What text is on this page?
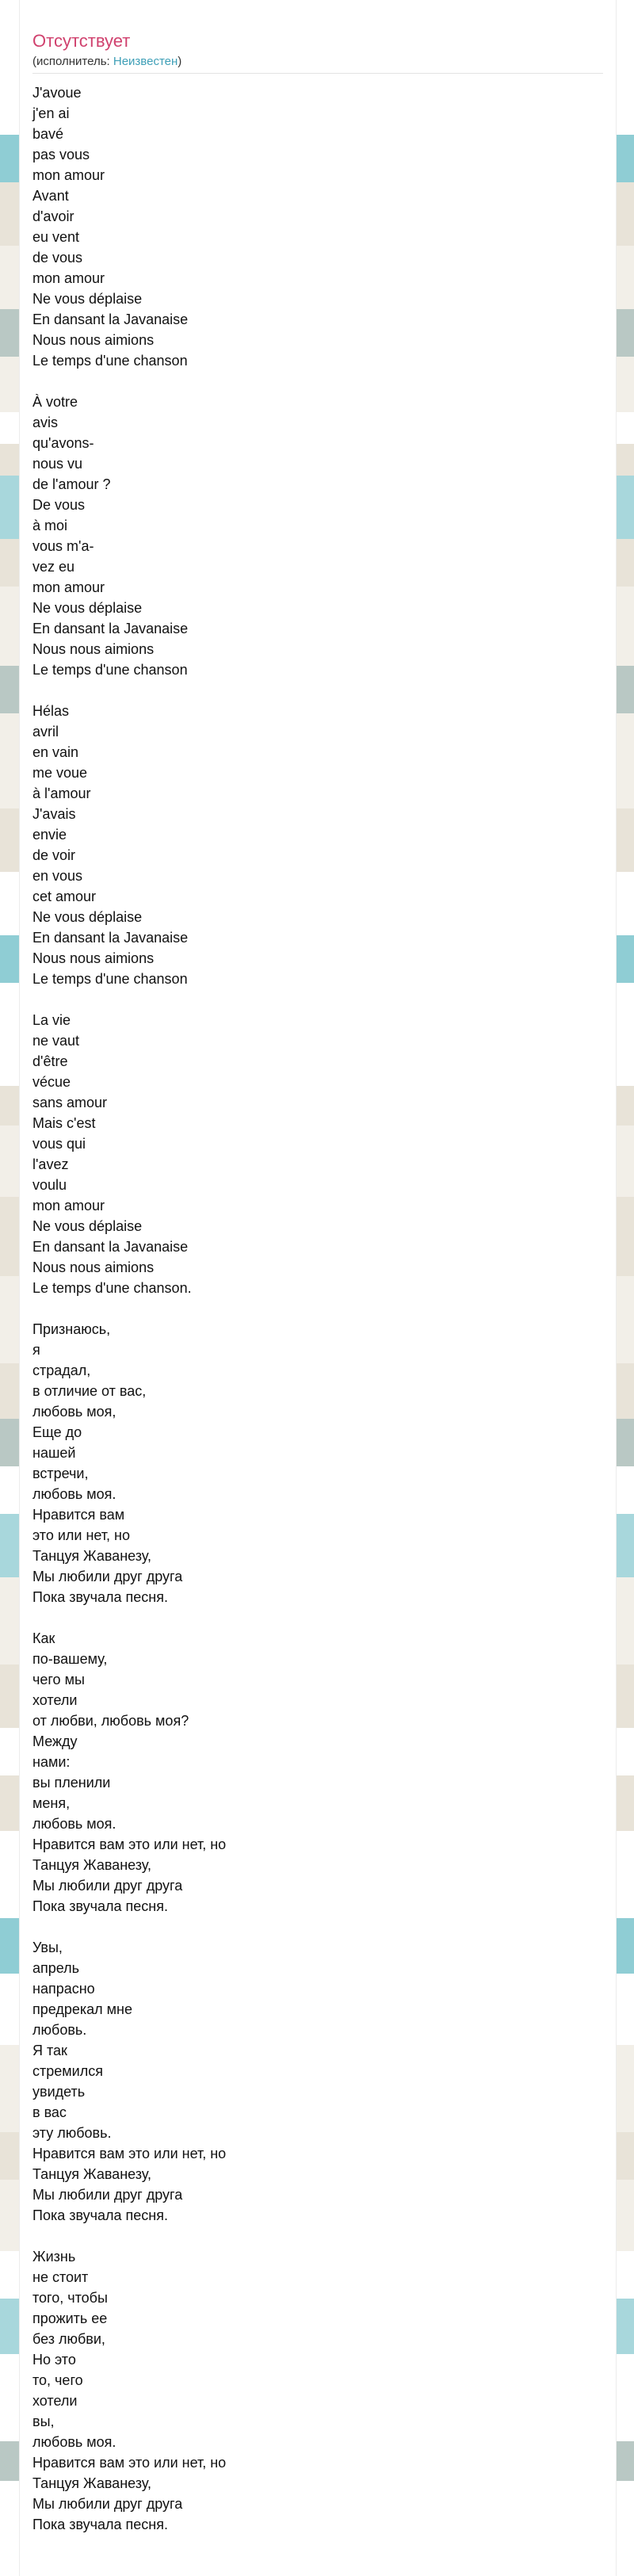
Отсутствует
(исполнитель: Неизвестен)
J'avoue
j'en ai
bavé
pas vous
mon amour
Avant
d'avoir
eu vent
de vous
mon amour
Ne vous déplaise
En dansant la Javanaise
Nous nous aimions
Le temps d'une chanson
À votre
avis
qu'avons-
nous vu
de l'amour ?
De vous
à moi
vous m'a-
vez eu
mon amour
Ne vous déplaise
En dansant la Javanaise
Nous nous aimions
Le temps d'une chanson
Hélas
avril
en vain
me voue
à l'amour
J'avais
envie
de voir
en vous
cet amour
Ne vous déplaise
En dansant la Javanaise
Nous nous aimions
Le temps d'une chanson
La vie
ne vaut
d'être
vécue
sans amour
Mais c'est
vous qui
l'avez
voulu
mon amour
Ne vous déplaise
En dansant la Javanaise
Nous nous aimions
Le temps d'une chanson.
Признаюсь,
я
страдал,
в отличие от вас,
любовь моя,
Еще до
нашей
встречи,
любовь моя.
Нравится вам
это или нет, но
Танцуя Жаванезу,
Мы любили друг друга
Пока звучала песня.
Как
по-вашему,
чего мы
хотели
от любви, любовь моя?
Между
нами:
вы пленили
меня,
любовь моя.
Нравится вам это или нет, но
Танцуя Жаванезу,
Мы любили друг друга
Пока звучала песня.
Увы,
апрель
напрасно
предрекал мне
любовь.
Я так
стремился
увидеть
в вас
эту любовь.
Нравится вам это или нет, но
Танцуя Жаванезу,
Мы любили друг друга
Пока звучала песня.
Жизнь
не стоит
того, чтобы
прожить ее
без любви,
Но это
то, чего
хотели
вы,
любовь моя.
Нравится вам это или нет, но
Танцуя Жаванезу,
Мы любили друг друга
Пока звучала песня.
